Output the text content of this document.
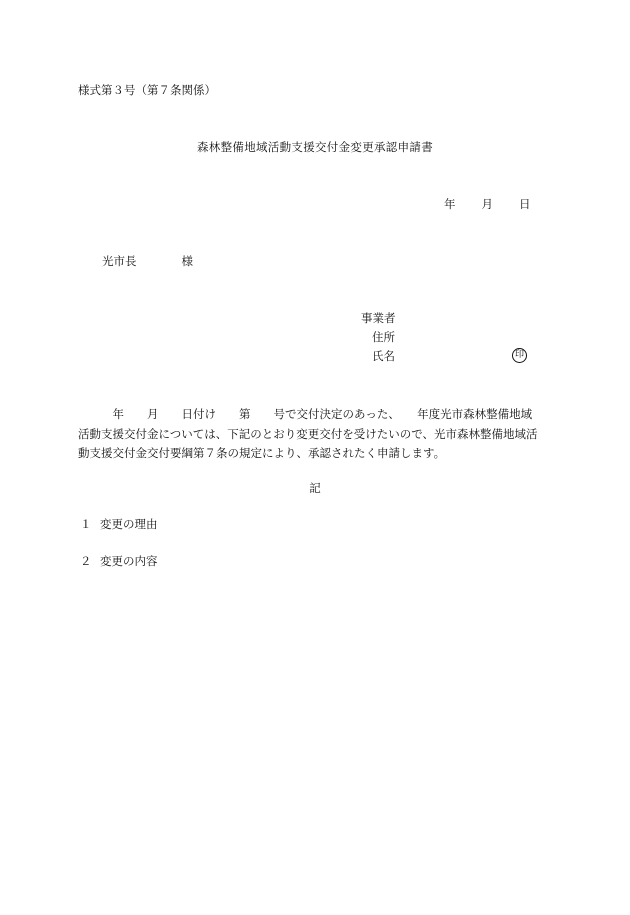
様式第３号（第７条関係）
森林整備地域活動支援交付金変更承認申請書
年 月 日
光市長	様
事業者
住所
氏名	印
　　　年　　月　　日付け　　第　　号で交付決定のあった、　　年度光市森林整備地域
活動支援交付金については、下記のとおり変更交付を受けたいので、光市森林整備地域活
動支援交付金交付要綱第７条の規定により、承認されたく申請します。
記
１ 変更の理由
２ 変更の内容
